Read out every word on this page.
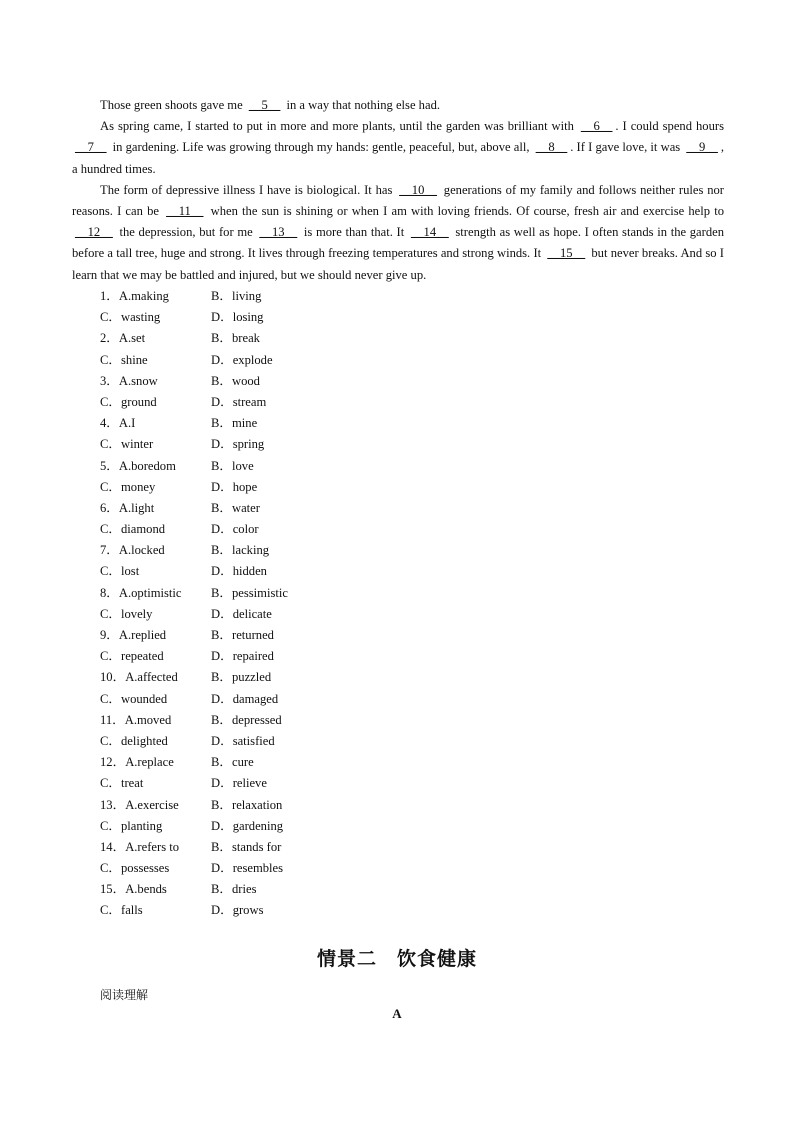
Those green shoots gave me __5__ in a way that nothing else had.

As spring came, I started to put in more and more plants, until the garden was brilliant with __6__ . I could spend hours __7__ in gardening. Life was growing through my hands: gentle, peaceful, but, above all, __8__ . If I gave love, it was __9__ , a hundred times.

The form of depressive illness I have is biological. It has __10__ generations of my family and follows neither rules nor reasons. I can be __11__ when the sun is shining or when I am with loving friends. Of course, fresh air and exercise help to __12__ the depression, but for me __13__ is more than that. It __14__ strength as well as hope. I often stands in the garden before a tall tree, huge and strong. It lives through freezing temperatures and strong winds. It __15__ but never breaks. And so I learn that we may be battled and injured, but we should never give up.

1．A.making	B．living
C．wasting	D．losing
2．A.set	B．break
C．shine	D．explode
3．A.snow	B．wood
C．ground	D．stream
4．A.I	B．mine
C．winter	D．spring
5．A.boredom	B．love
C．money	D．hope
6．A.light	B．water
C．diamond	D．color
7．A.locked	B．lacking
C．lost	D．hidden
8．A.optimistic B．pessimistic
C．lovely	D．delicate
9．A.replied	B．returned
C．repeated	D．repaired
10．A.affected	B．puzzled
C．wounded	D．damaged
11．A.moved	B．depressed
C．delighted	D．satisfied
12．A.replace	B．cure
C．treat	D．relieve
13．A.exercise	B．relaxation
C．planting	D．gardening
14．A.refers to	B．stands for
C．possesses	D．resembles
15．A.bends	B．dries
C．falls	D．grows
情景二　饮食健康
阅读理解
A
